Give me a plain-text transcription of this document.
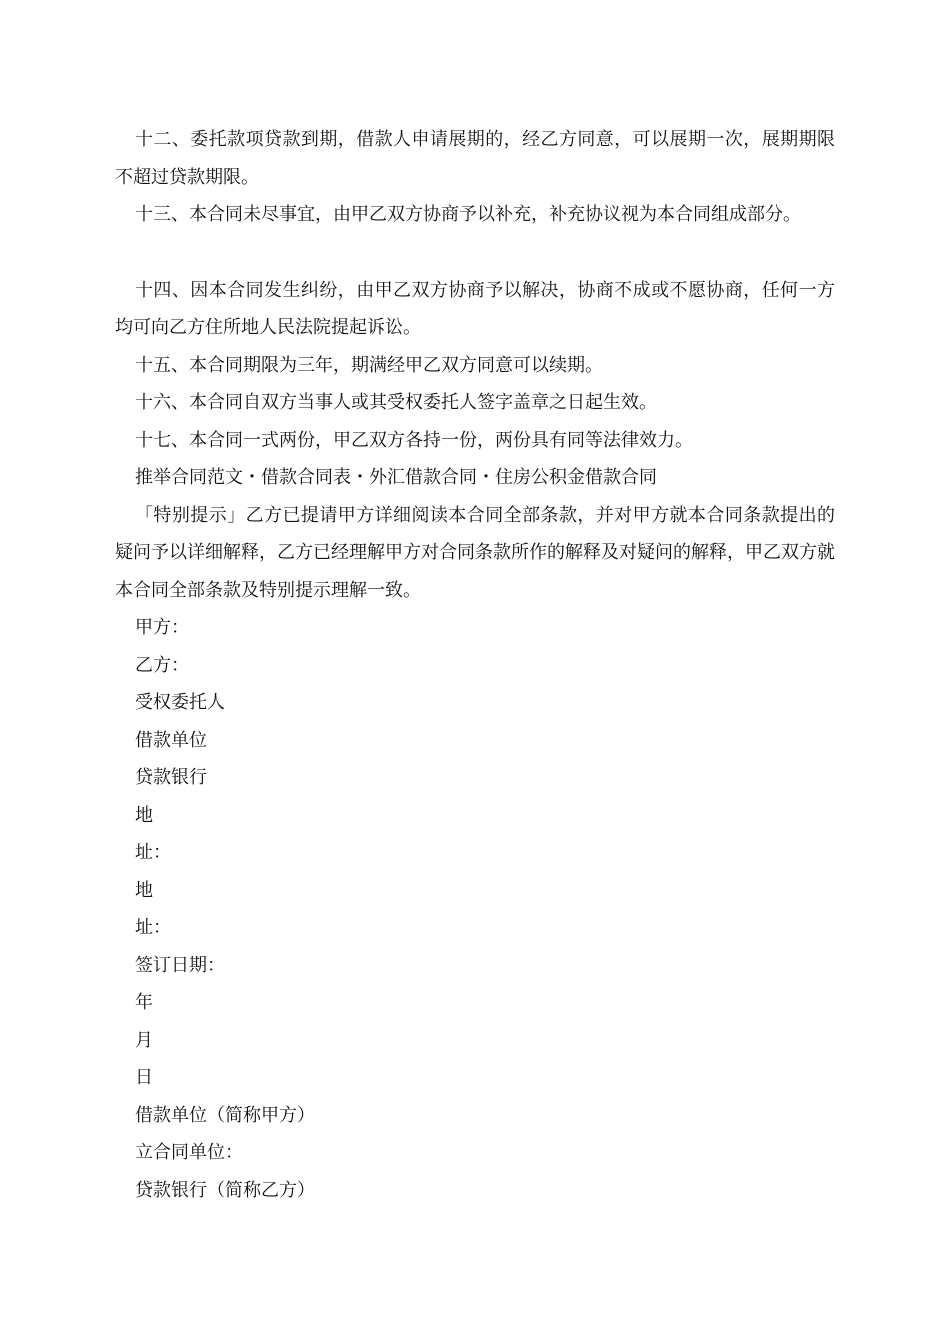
十二、委托款项贷款到期，借款人申请展期的，经乙方同意，可以展期一次，展期期限不超过贷款期限。

十三、本合同未尽事宜，由甲乙双方协商予以补充，补充协议视为本合同组成部分。

十四、因本合同发生纠纷，由甲乙双方协商予以解决，协商不成或不愿协商，任何一方均可向乙方住所地人民法院提起诉讼。

十五、本合同期限为三年，期满经甲乙双方同意可以续期。

十六、本合同自双方当事人或其受权委托人签字盖章之日起生效。

十七、本合同一式两份，甲乙双方各持一份，两份具有同等法律效力。

推举合同范文・借款合同表・外汇借款合同・住房公积金借款合同

「特别提示」乙方已提请甲方详细阅读本合同全部条款，并对甲方就本合同条款提出的疑问予以详细解释，乙方已经理解甲方对合同条款所作的解释及对疑问的解释，甲乙双方就本合同全部条款及特别提示理解一致。

甲方：

乙方：

受权委托人

借款单位

贷款银行

地

址：

地

址：

签订日期：

年

月

日

借款单位（简称甲方）

立合同单位：

贷款银行（简称乙方）
